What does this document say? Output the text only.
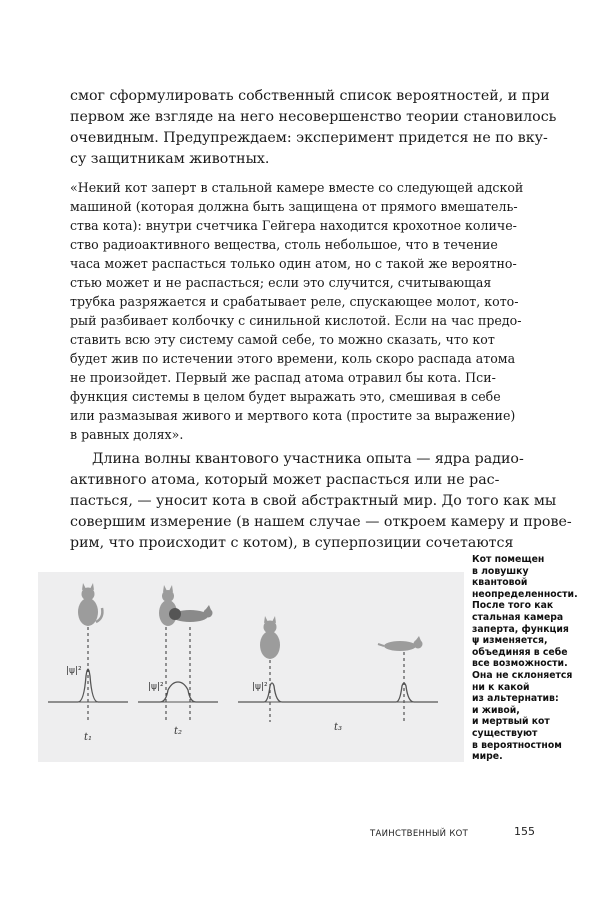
смог сформулировать собственный список вероятностей, и при
первом же взгляде на него несовершенство теории становилось
очевидным. Предупреждаем: эксперимент придется не по вку-
су защитникам животных.
«Некий кот заперт в стальной камере вместе со следующей адской
машиной (которая должна быть защищена от прямого вмешатель-
ства кота): внутри счетчика Гейгера находится крохотное количе-
ство радиоактивного вещества, столь небольшое, что в течение
часа может распасться только один атом, но с такой же вероятно-
стью может и не распасться; если это случится, считывающая
трубка разряжается и срабатывает реле, спускающее молот, кото-
рый разбивает колбочку с синильной кислотой. Если на час предо-
ставить всю эту систему самой себе, то можно сказать, что кот
будет жив по истечении этого времени, коль скоро распада атома
не произойдет. Первый же распад атома отравил бы кота. Пси-
функция системы в целом будет выражать это, смешивая в себе
или размазывая живого и мертвого кота (простите за выражение)
в равных долях».
Длина волны квантового участника опыта — ядра радио-
активного атома, который может распасться или не рас-
пасться, — уносит кота в свой абстрактный мир. До того как мы
совершим измерение (в нашем случае — откроем камеру и прове-
рим, что происходит с котом), в суперпозиции сочетаются
|ψ|²
t₁
|ψ|²
t₂
|ψ|²
t₃
Кот помещен
в ловушку
квантовой
неопределенности.
После того как
стальная камера
заперта, функция
ψ изменяется,
объединяя в себе
все возможности.
Она не склоняется
ни к какой
из альтернатив:
и живой,
и мертвый кот
существуют
в вероятностном
мире.
ТАИНСТВЕННЫЙ КОТ	155
